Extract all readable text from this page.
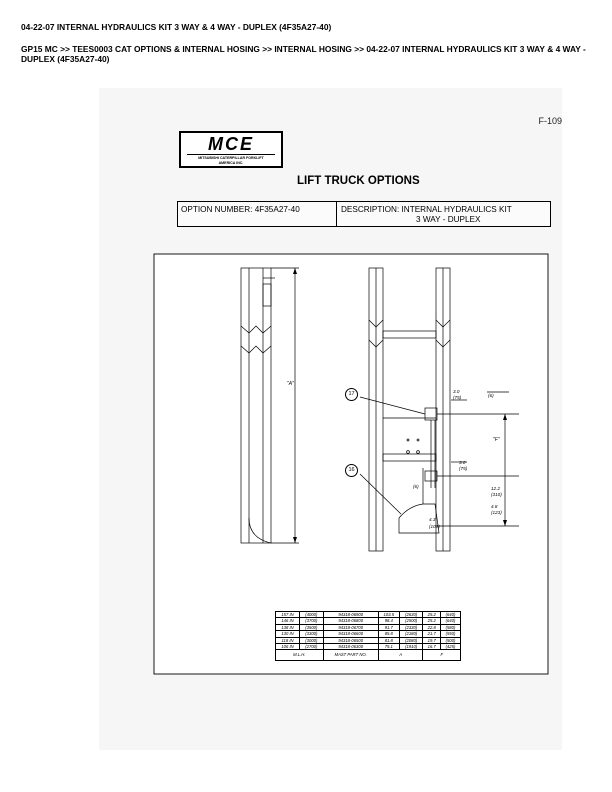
04-22-07 INTERNAL HYDRAULICS KIT 3 WAY & 4 WAY - DUPLEX (4F35A27-40)
GP15 MC >> TEES0003 CAT OPTIONS & INTERNAL HOSING >> INTERNAL HOSING >> 04-22-07 INTERNAL HYDRAULICS KIT 3 WAY & 4 WAY - DUPLEX (4F35A27-40)
F-109
MCE
MITSUBISHI CATERPILLAR FORKLIFT
AMERICA INC.
LIFT TRUCK OPTIONS
OPTION NUMBER: 4F35A27-40	DESCRIPTION: INTERNAL HYDRAULICS KIT
3 WAY - DUPLEX
17
16
"A"
"F"
3.0
(75)	(6)
3.0
(75)
12.2
(310)
(6)
4.3
(109)
4.8
(123)
157 IN	(4000)	94318-06900	103.5	(2630)	25.2	(640)
146 IN	(3700)	94318-06800	98.4	(2500)	25.2	(640)
138 IN	(3500)	94318-06700	91.7	(2330)	22.8	(580)
130 IN	(3300)	94318-06600	85.8	(2180)	21.7	(550)
118 IN	(3000)	94318-06500	81.8	(2080)	19.7	(500)
106 IN	(2700)	94318-06300	75.1	(1910)	16.7	(425)
M.L.H.		MAST PART NO.	A		F	
